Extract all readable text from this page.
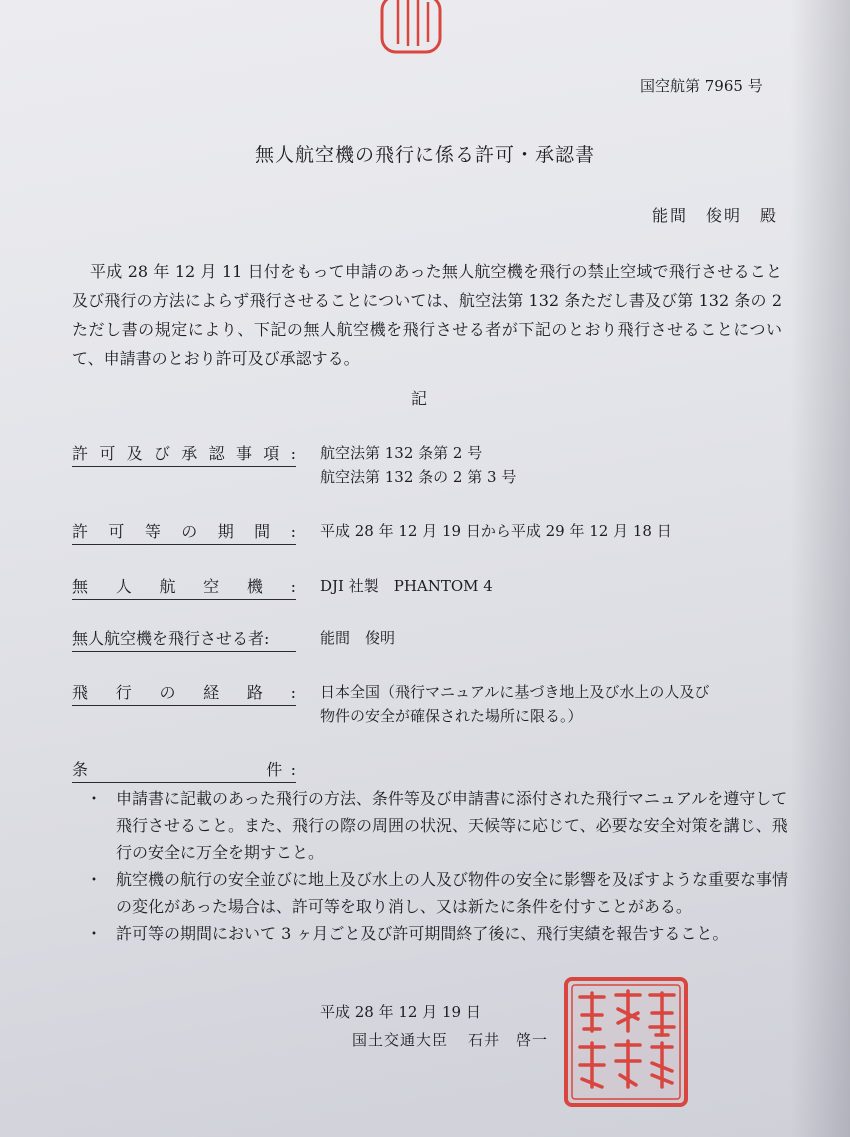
国空航第 7965 号
無人航空機の飛行に係る許可・承認書
能間　俊明　殿
平成 28 年 12 月 11 日付をもって申請のあった無人航空機を飛行の禁止空域で飛行させること及び飛行の方法によらず飛行させることについては、航空法第 132 条ただし書及び第 132 条の 2 ただし書の規定により、下記の無人航空機を飛行させる者が下記のとおり飛行させることについて、申請書のとおり許可及び承認する。
記
許可及び承認事項: 航空法第 132 条第 2 号
航空法第 132 条の 2 第 3 号
許可等の期間: 平成 28 年 12 月 19 日から平成 29 年 12 月 18 日
無人航空機: DJI 社製　PHANTOM 4
無人航空機を飛行させる者:	能間　俊明
飛行の経路: 日本全国（飛行マニュアルに基づき地上及び水上の人及び
物件の安全が確保された場所に限る。）
条　　　　　　　件:
・ 申請書に記載のあった飛行の方法、条件等及び申請書に添付された飛行マニュアルを遵守して飛行させること。また、飛行の際の周囲の状況、天候等に応じて、必要な安全対策を講じ、飛行の安全に万全を期すこと。
・ 航空機の航行の安全並びに地上及び水上の人及び物件の安全に影響を及ぼすような重要な事情の変化があった場合は、許可等を取り消し、又は新たに条件を付すことがある。
・ 許可等の期間において 3 ヶ月ごと及び許可期間終了後に、飛行実績を報告すること。
平成 28 年 12 月 19 日
国土交通大臣 石井　啓一
